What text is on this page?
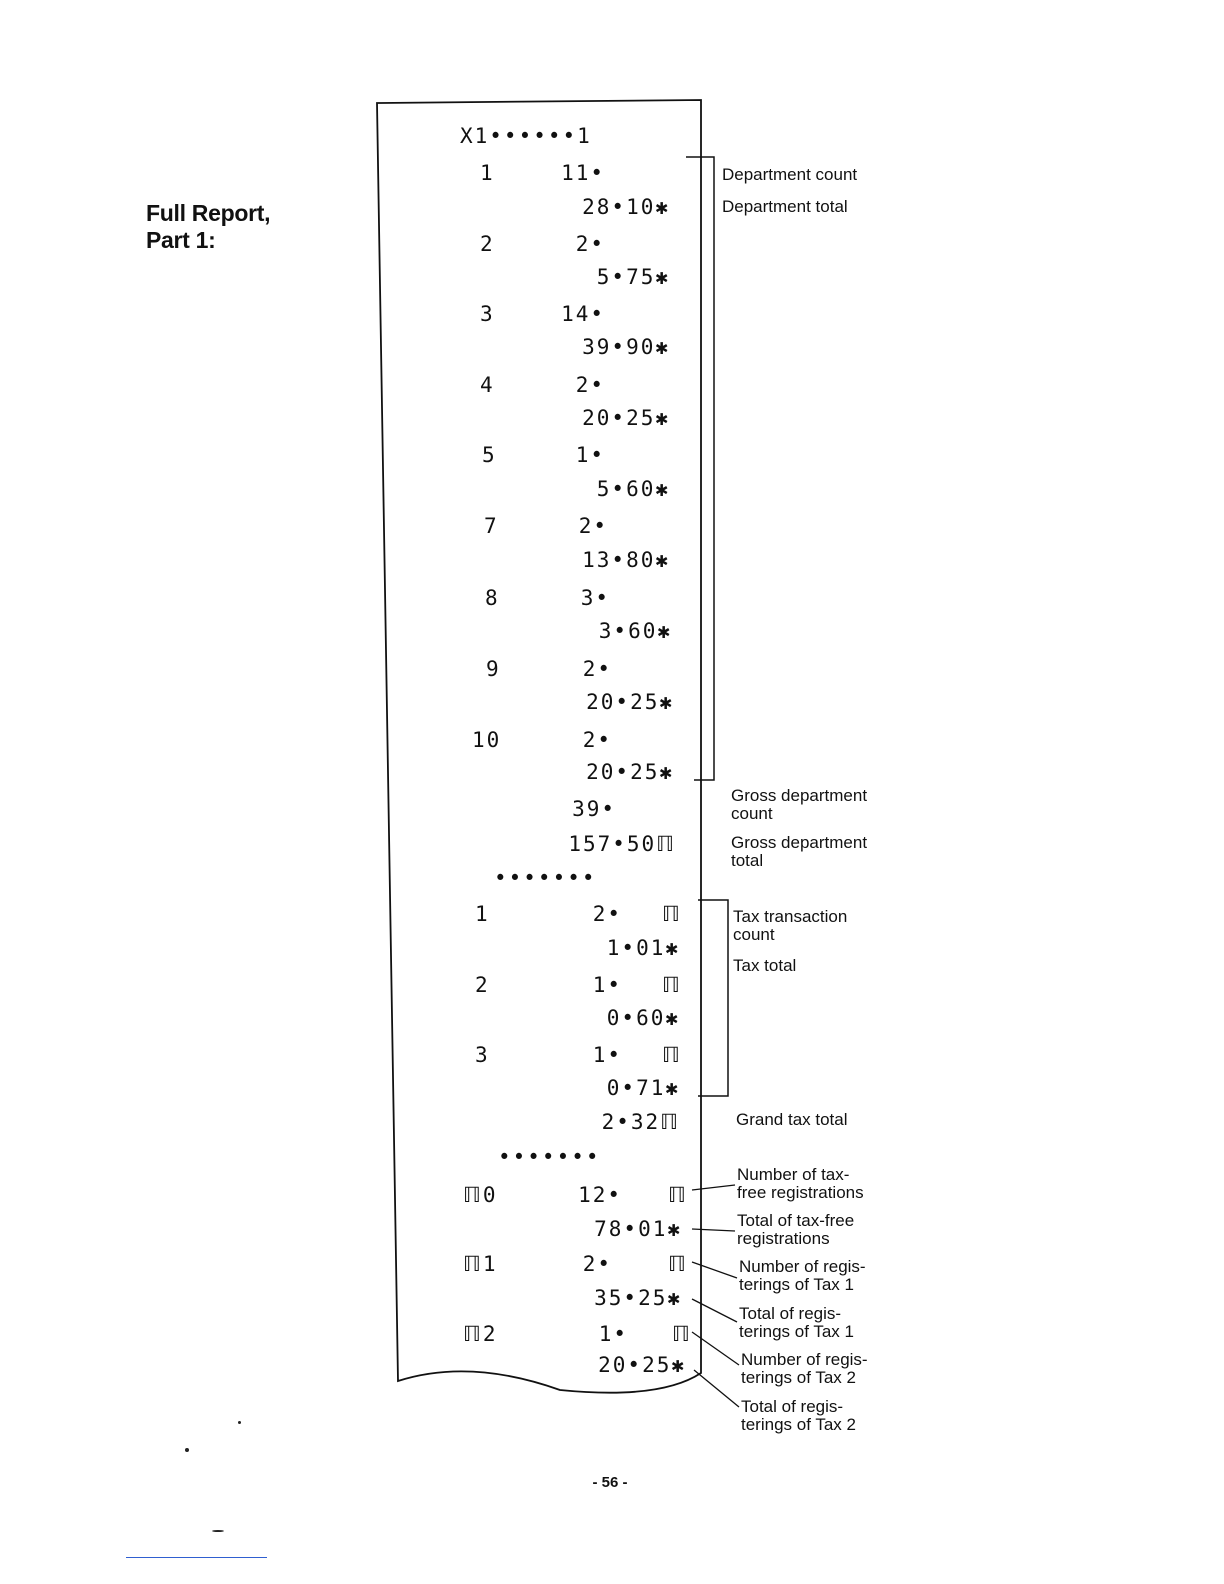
Full Report,
Part 1:
X1••••••1
1	11•
28•10✱
2	2•
5•75✱
3	14•
39•90✱
4	2•
20•25✱
5	1•
5•60✱
7	2•
13•80✱
8	3•
3•60✱
9	2•
20•25✱
10	2•
20•25✱
39•
157•50ℿ
•••••••
1	2• ℿ
1•01✱
2	1• ℿ
0•60✱
3	1• ℿ
0•71✱
2•32ℿ
•••••••
ℿ0	12• ℿ
78•01✱
ℿ1	2•	ℿ
35•25✱
ℿ2	1• ℿ
20•25✱
Department count
Department total
Gross department
count
Gross department
total
Tax transaction
count
Tax total
Grand tax total
Number of tax-
free registrations
Total of tax-free
registrations
Number of regis-
terings of Tax 1
Total of regis-
terings of Tax 1
Number of regis-
terings of Tax 2
Total of regis-
terings of Tax 2
- 56 -
